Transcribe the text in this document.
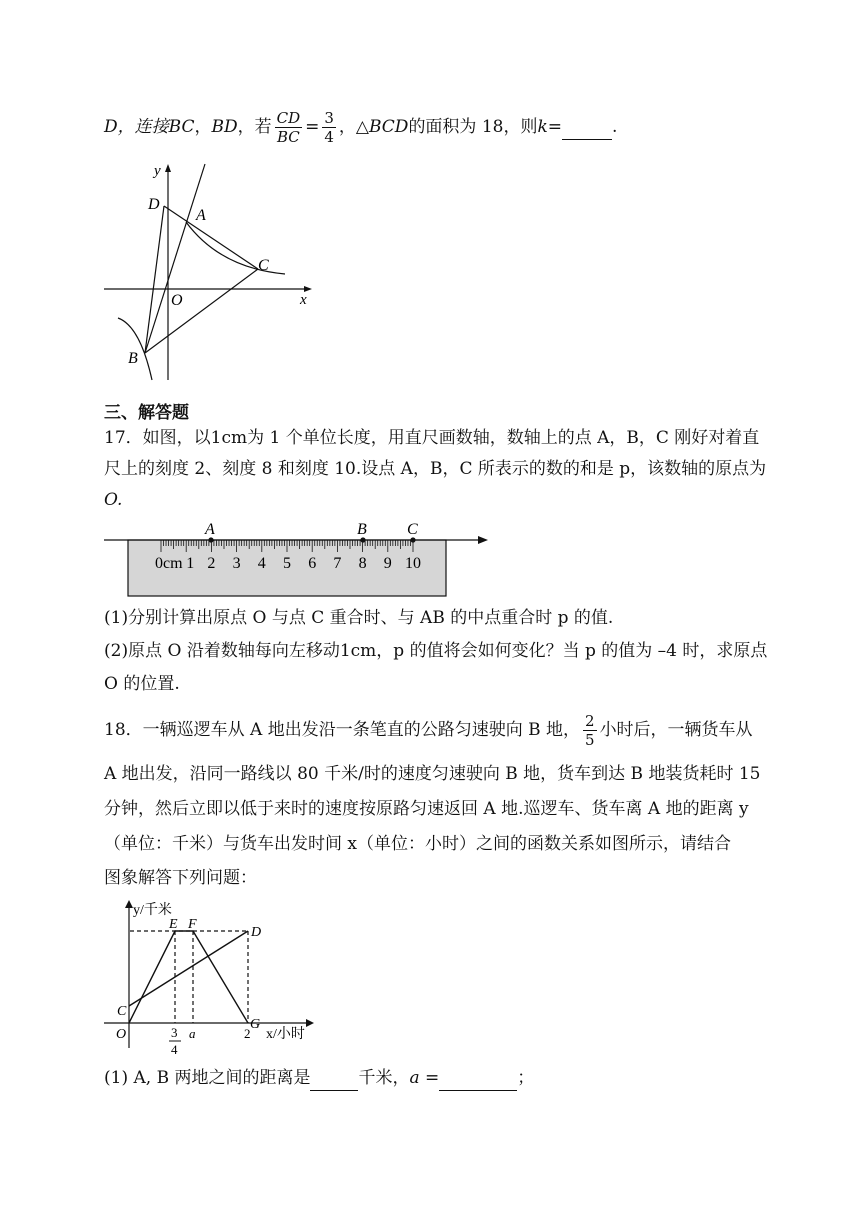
D，连接BC，BD，若 $\frac{CD}{BC} = \frac{3}{4}$ ，△BCD的面积为 18，则k=	.
y
x
D
A
C
O
B
三、解答题
17．如图，以1cm为 1 个单位长度，用直尺画数轴，数轴上的点 A，B，C 刚好对着直
尺上的刻度 2、刻度 8 和刻度 10.设点 A，B，C 所表示的数的和是 p，该数轴的原点为
O.
0cm 2 3 4 5 6 7 8 9 10
1
A	B	C
(1)分别计算出原点 O 与点 C 重合时、与 AB 的中点重合时 p 的值.
(2)原点 O 沿着数轴每向左移动1cm，p 的值将会如何变化？当 p 的值为 –4 时，求原点
O 的位置.
18．一辆巡逻车从 A 地出发沿一条笔直的公路匀速驶向 B 地， $\frac{2}{5}$ 小时后，一辆货车从
A 地出发，沿同一路线以 80 千米/时的速度匀速驶向 B 地，货车到达 B 地装货耗时 15
分钟，然后立即以低于来时的速度按原路匀速返回 A 地.巡逻车、货车离 A 地的距离 y
（单位：千米）与货车出发时间 x（单位：小时）之间的函数关系如图所示，请结合
图象解答下列问题：
y/千米
x/小时
E F
D
C
O
G
3
4
a	2
(1) A, B 两地之间的距离是	千米，a =	；
